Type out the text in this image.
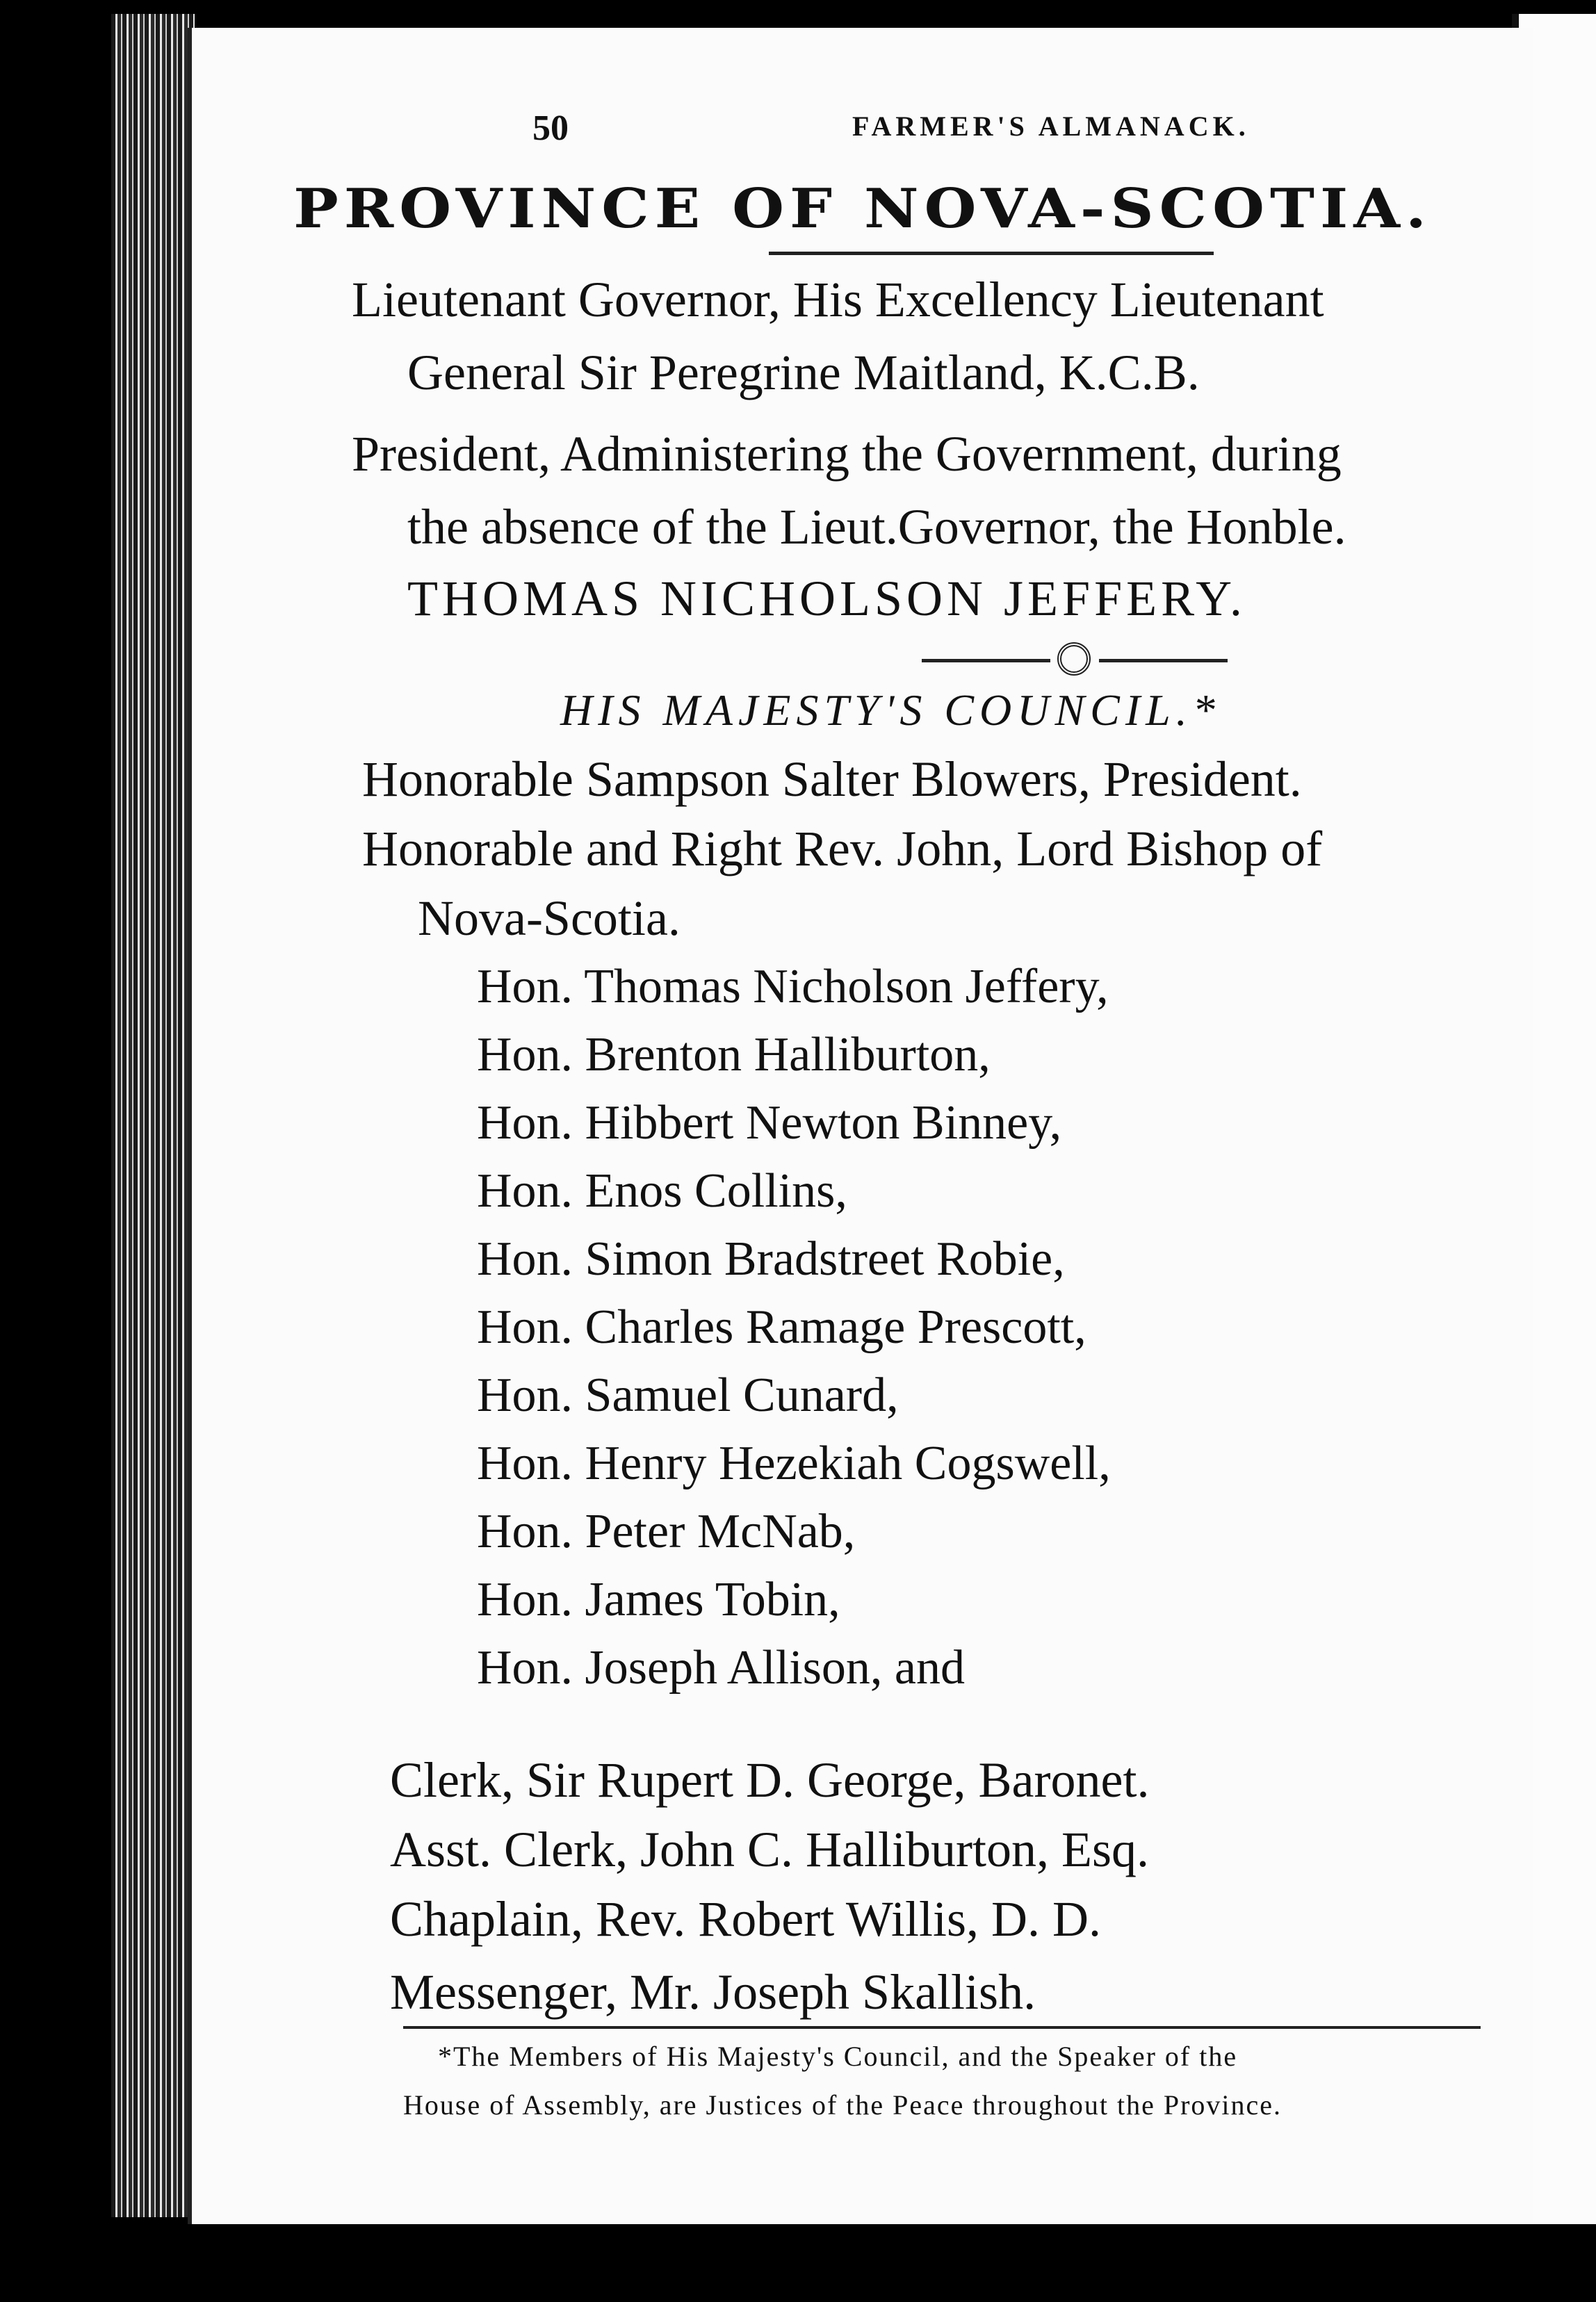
50	FARMER'S ALMANACK.
PROVINCE OF NOVA-SCOTIA.
Lieutenant Governor, His Excellency Lieutenant
General Sir Peregrine Maitland, K.C.B.
President, Administering the Government, during
the absence of the Lieut.Governor, the Honble.
THOMAS NICHOLSON JEFFERY.
HIS MAJESTY'S COUNCIL.*
Honorable Sampson Salter Blowers, President.
Honorable and Right Rev. John, Lord Bishop of
Nova-Scotia.
Hon. Thomas Nicholson Jeffery,
Hon. Brenton Halliburton,
Hon. Hibbert Newton Binney,
Hon. Enos Collins,
Hon. Simon Bradstreet Robie,
Hon. Charles Ramage Prescott,
Hon. Samuel Cunard,
Hon. Henry Hezekiah Cogswell,
Hon. Peter McNab,
Hon. James Tobin,
Hon. Joseph Allison, and
Clerk, Sir Rupert D. George, Baronet.
Asst. Clerk, John C. Halliburton, Esq.
Chaplain, Rev. Robert Willis, D. D.
Messenger, Mr. Joseph Skallish.
*The Members of His Majesty's Council, and the Speaker of the
House of Assembly, are Justices of the Peace throughout the Province.
